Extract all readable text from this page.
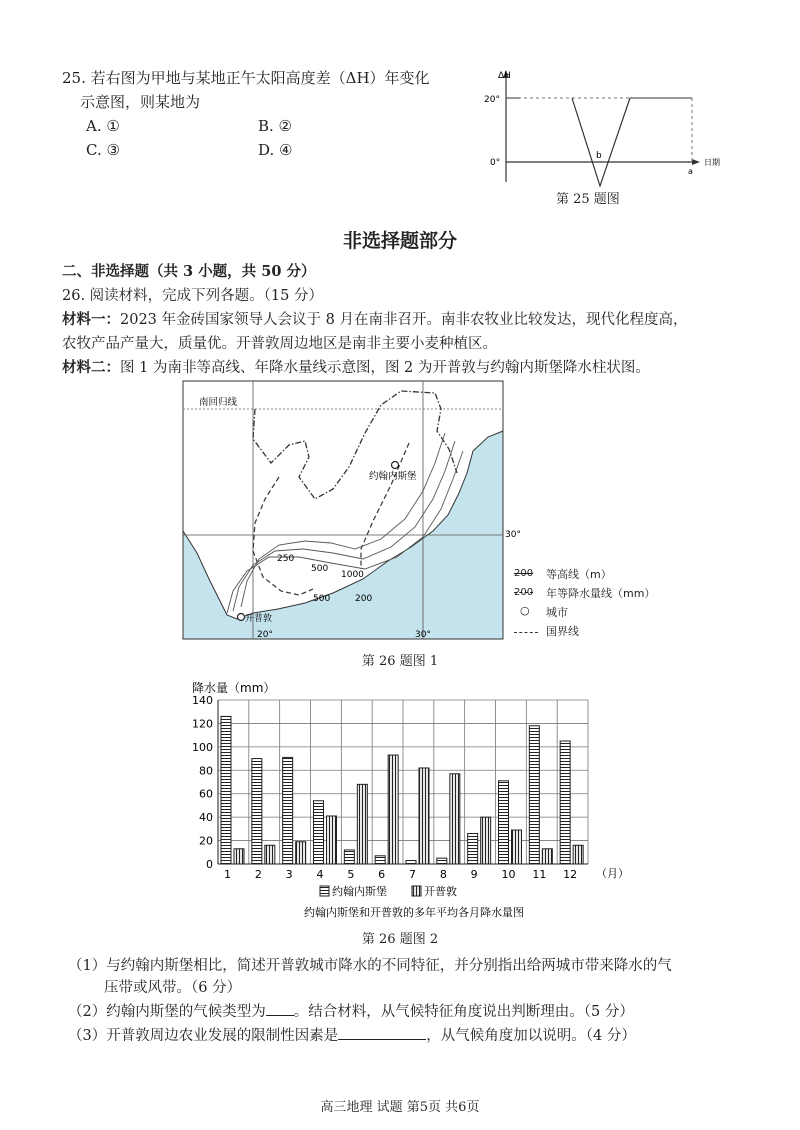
25. 若右图为甲地与某地正午太阳高度差（ΔH）年变化
示意图，则某地为
A. ①	B. ②
C. ③	D. ④
ΔH
20°
0°	日期
a
b
第 25 题图
非选择题部分
二、非选择题（共 3 小题，共 50 分）
26. 阅读材料，完成下列各题。（15 分）
材料一：2023 年金砖国家领导人会议于 8 月在南非召开。南非农牧业比较发达，现代化程度高，
农牧产品产量大，质量优。开普敦周边地区是南非主要小麦种植区。
材料二：图 1 为南非等高线、年降水量线示意图，图 2 为开普敦与约翰内斯堡降水柱状图。
南回归线
约翰内斯堡
开普敦
30°
20°	30°
250
500
1000
500	200
200 等高线（m）
200 年等降水量线（mm）
○ 城市
国界线
第 26 题图 1
0
20
40
60
80
100
120
140
1 2 3 4 5 6 7 8 9 10 11 12
降水量（mm）
（月）
约翰内斯堡	开普敦
约翰内斯堡和开普敦的多年平均各月降水量图
第 26 题图 2
（1）与约翰内斯堡相比，简述开普敦城市降水的不同特征，并分别指出给两城市带来降水的气
压带或风带。（6 分）
（2）约翰内斯堡的气候类型为 。结合材料，从气候特征角度说出判断理由。（5 分）
（3）开普敦周边农业发展的限制性因素是	，从气候角度加以说明。（4 分）
高三地理 试题 第5页 共6页
